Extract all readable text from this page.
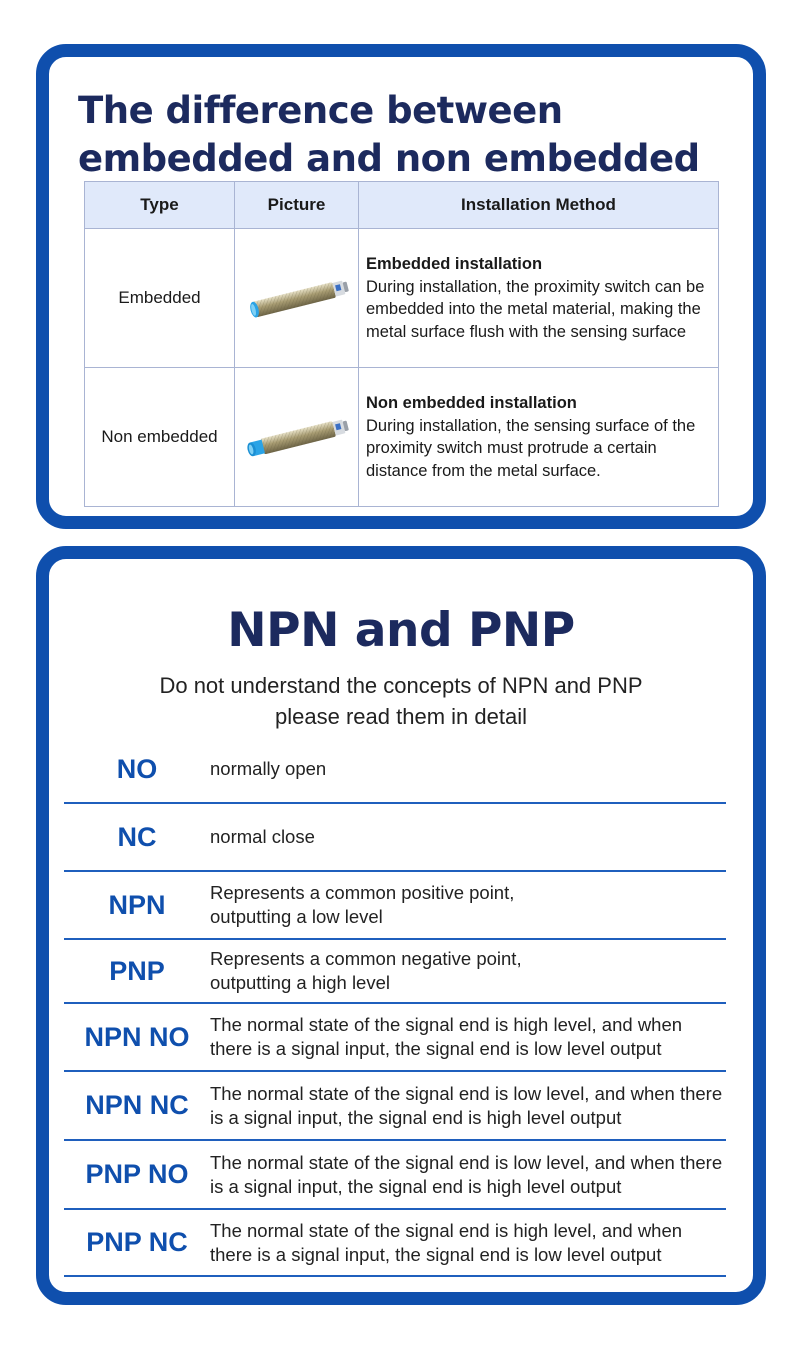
The difference between
embedded and non embedded
Type	Picture	Installation Method
Embedded		Embedded installation
During installation, the proximity switch can be embedded into the metal material, making the metal surface flush with the sensing surface

Non embedded		Non embedded installation
During installation, the sensing surface of the proximity switch must protrude a certain distance from the metal surface.
NPN and PNP
Do not understand the concepts of NPN and PNP
please read them in detail
NO	normally open
NC	normal close
NPN	Represents a common positive point, outputting a low level
PNP	Represents a common negative point, outputting a high level
NPN NO	The normal state of the signal end is high level, and when there is a signal input, the signal end is low level output
NPN NC	The normal state of the signal end is low level, and when there is a signal input, the signal end is high level output
PNP NO	The normal state of the signal end is low level, and when there is a signal input, the signal end is high level output
PNP NC	The normal state of the signal end is high level, and when there is a signal input, the signal end is low level output
